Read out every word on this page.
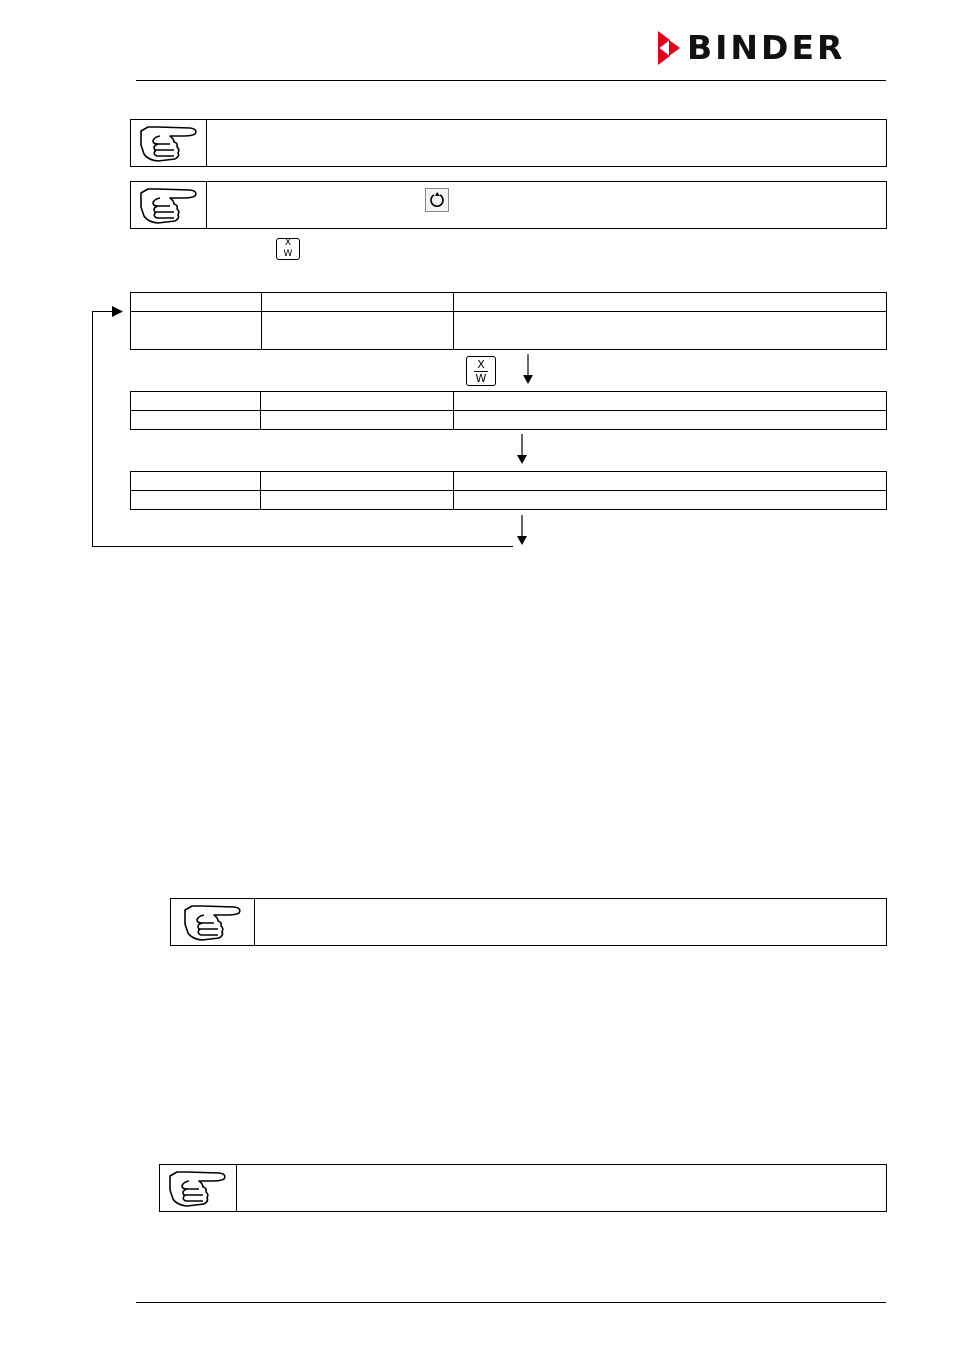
BINDER
X
W

X
W
